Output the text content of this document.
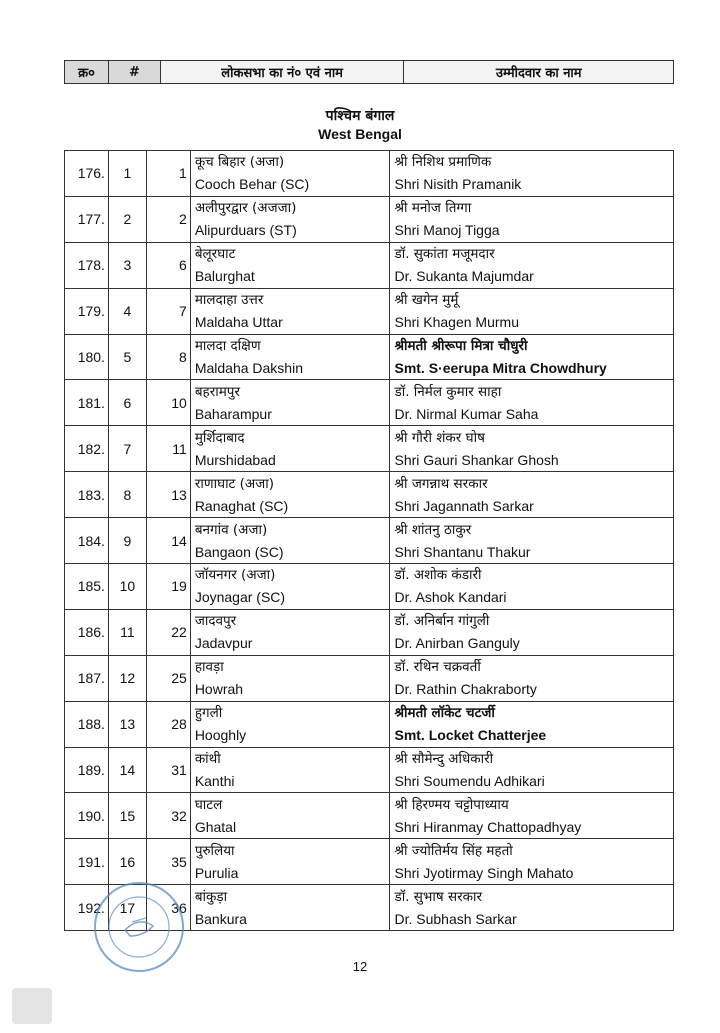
क्र०	#	लोकसभा का नं० एवं नाम	उम्मीदवार का नाम
पश्चिम बंगाल
West Bengal
176.	1	1	कूच बिहार (अजा)
Cooch Behar (SC)	श्री निशिथ प्रमाणिक
Shri Nisith Pramanik

177.	2	2	अलीपुरद्वार (अजजा)
Alipurduars (ST)	श्री मनोज तिग्गा
Shri Manoj Tigga

178.	3	6	बेलूरघाट
Balurghat	डॉ. सुकांता मजूमदार
Dr. Sukanta Majumdar

179.	4	7	मालदाहा उत्तर
Maldaha Uttar	श्री खगेन मुर्मू
Shri Khagen Murmu

180.	5	8	मालदा दक्षिण
Maldaha Dakshin	श्रीमती श्रीरूपा मित्रा चौधुरी
Smt. S·eerupa Mitra Chowdhury

181.	6	10	बहरामपुर
Baharampur	डॉ. निर्मल कुमार साहा
Dr. Nirmal Kumar Saha

182.	7	11	मुर्शिदाबाद
Murshidabad	श्री गौरी शंकर घोष
Shri Gauri Shankar Ghosh

183.	8	13	राणाघाट (अजा)
Ranaghat (SC)	श्री जगन्नाथ सरकार
Shri Jagannath Sarkar

184.	9	14	बनगांव (अजा)
Bangaon (SC)	श्री शांतनु ठाकुर
Shri Shantanu Thakur

185.	10	19	जॉयनगर (अजा)
Joynagar (SC)	डॉ. अशोक कंडारी
Dr. Ashok Kandari

186.	11	22	जादवपुर
Jadavpur	डॉ. अनिर्बान गांगुली
Dr. Anirban Ganguly

187.	12	25	हावड़ा
Howrah	डॉ. रथिन चक्रवर्ती
Dr. Rathin Chakraborty

188.	13	28	हुगली
Hooghly	श्रीमती लॉकेट चटर्जी
Smt. Locket Chatterjee

189.	14	31	कांथी
Kanthi	श्री सौमेन्दु अधिकारी
Shri Soumendu Adhikari

190.	15	32	घाटल
Ghatal	श्री हिरण्मय चट्टोपाध्याय
Shri Hiranmay Chattopadhyay

191.	16	35	पुरुलिया
Purulia	श्री ज्योतिर्मय सिंह महतो
Shri Jyotirmay Singh Mahato

192.	17	36	बांकुड़ा
Bankura	डॉ. सुभाष सरकार
Dr. Subhash Sarkar
12
